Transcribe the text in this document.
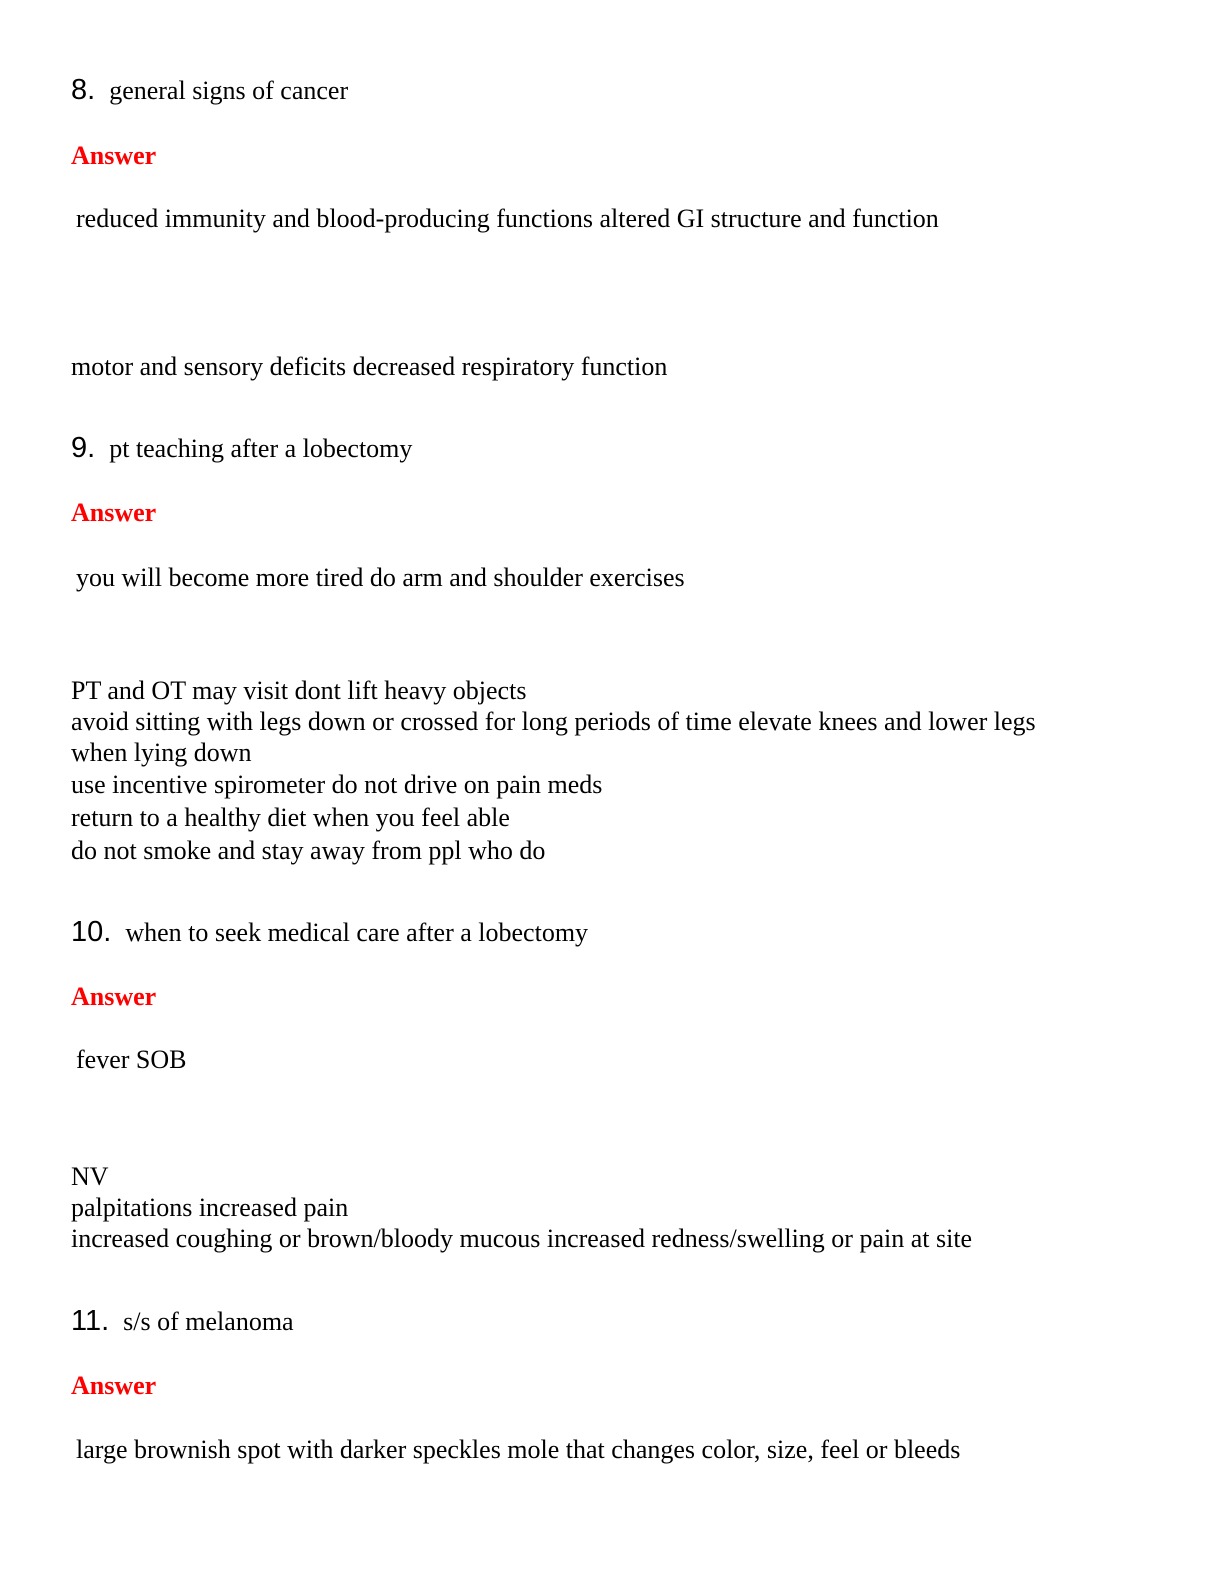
8. general signs of cancer
Answer
reduced immunity and blood-producing functions altered GI structure and function
motor and sensory deficits decreased respiratory function
9. pt teaching after a lobectomy
Answer
you will become more tired do arm and shoulder exercises
PT and OT may visit dont lift heavy objects
avoid sitting with legs down or crossed for long periods of time elevate knees and lower legs
when lying down
use incentive spirometer do not drive on pain meds
return to a healthy diet when you feel able
do not smoke and stay away from ppl who do
10. when to seek medical care after a lobectomy
Answer
fever SOB
NV
palpitations increased pain
increased coughing or brown/bloody mucous increased redness/swelling or pain at site
11. s/s of melanoma
Answer
large brownish spot with darker speckles mole that changes color, size, feel or bleeds
